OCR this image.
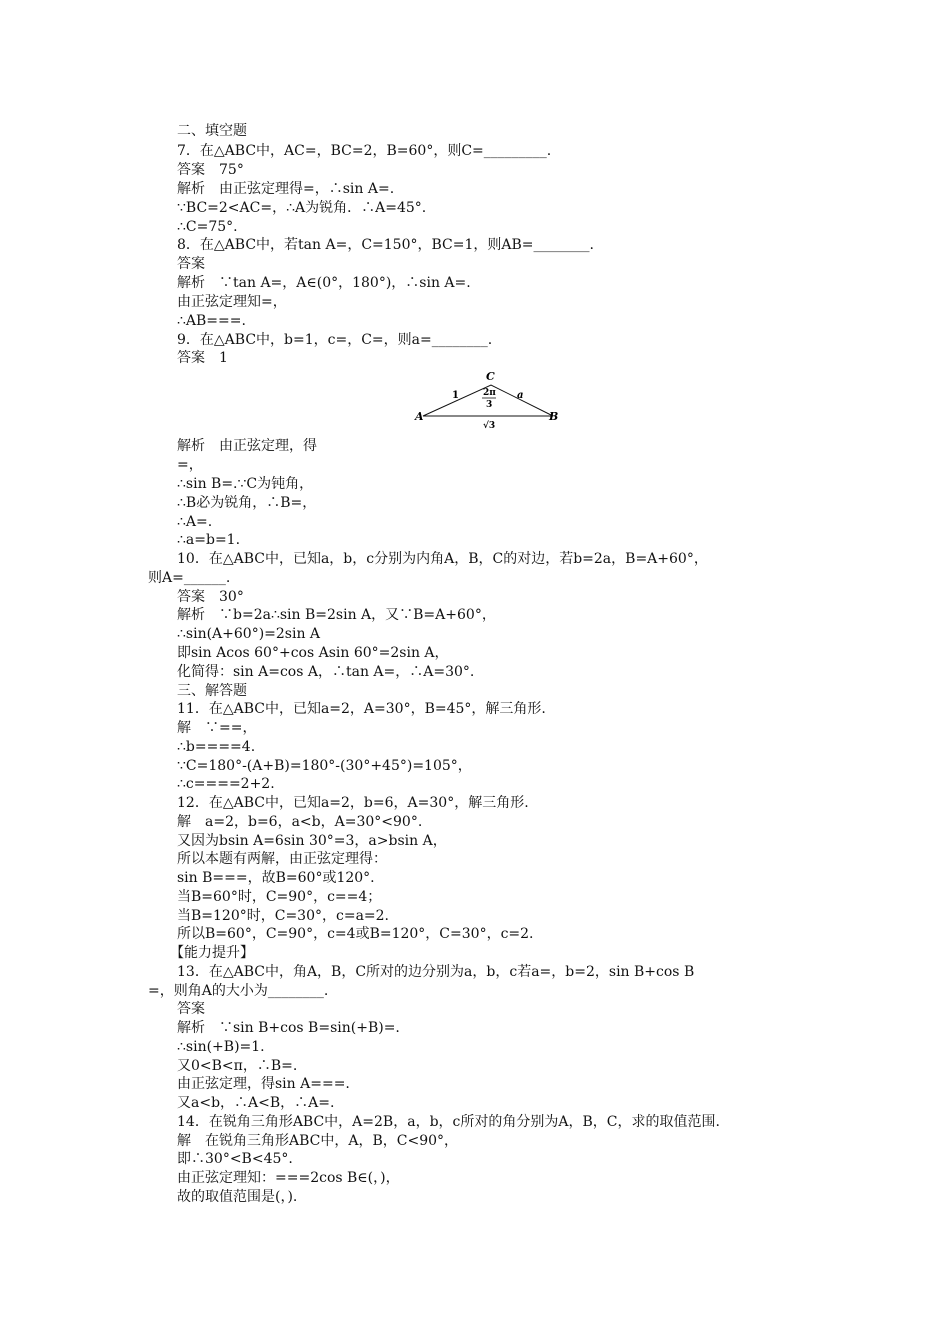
二、填空题
7．在△ABC中，AC=，BC=2，B=60°，则C=_________.
答案　75°
解析　由正弦定理得=，∴sin A=.
∵BC=2<AC=，∴A为锐角．∴A=45°.
∴C=75°.
8．在△ABC中，若tan A=，C=150°，BC=1，则AB=________.
答案
解析　∵tan A=，A∈(0°，180°)，∴sin A=.
由正弦定理知=，
∴AB===.
9．在△ABC中，b=1，c=，C=，则a=________.
答案　1
A	B
C
1	a
√3
2π
3
解析　由正弦定理，得
=，
∴sin B=.∵C为钝角，
∴B必为锐角，∴B=，
∴A=.
∴a=b=1.
10．在△ABC中，已知a，b，c分别为内角A，B，C的对边，若b=2a，B=A+60°，
则A=______.
答案　30°
解析　∵b=2a∴sin B=2sin A，又∵B=A+60°，
∴sin(A+60°)=2sin A
即sin Acos 60°+cos Asin 60°=2sin A，
化简得：sin A=cos A，∴tan A=，∴A=30°.
三、解答题
11．在△ABC中，已知a=2，A=30°，B=45°，解三角形.
解　∵==，
∴b====4.
∵C=180°-(A+B)=180°-(30°+45°)=105°，
∴c====2+2.
12．在△ABC中，已知a=2，b=6，A=30°，解三角形.
解　a=2，b=6，a<b，A=30°<90°.
又因为bsin A=6sin 30°=3，a>bsin A，
所以本题有两解，由正弦定理得：
sin B===，故B=60°或120°.
当B=60°时，C=90°，c==4；
当B=120°时，C=30°，c=a=2.
所以B=60°，C=90°，c=4或B=120°，C=30°，c=2.
【能力提升】
13．在△ABC中，角A，B，C所对的边分别为a，b，c若a=，b=2，sin B+cos B
=，则角A的大小为________.
答案
解析　∵sin B+cos B=sin(+B)=.
∴sin(+B)=1.
又0<B<π，∴B=.
由正弦定理，得sin A===.
又a<b，∴A<B，∴A=.
14．在锐角三角形ABC中，A=2B，a，b，c所对的角分别为A，B，C，求的取值范围.
解　在锐角三角形ABC中，A，B，C<90°，
即∴30°<B<45°.
由正弦定理知：===2cos B∈(，)，
故的取值范围是(，).
